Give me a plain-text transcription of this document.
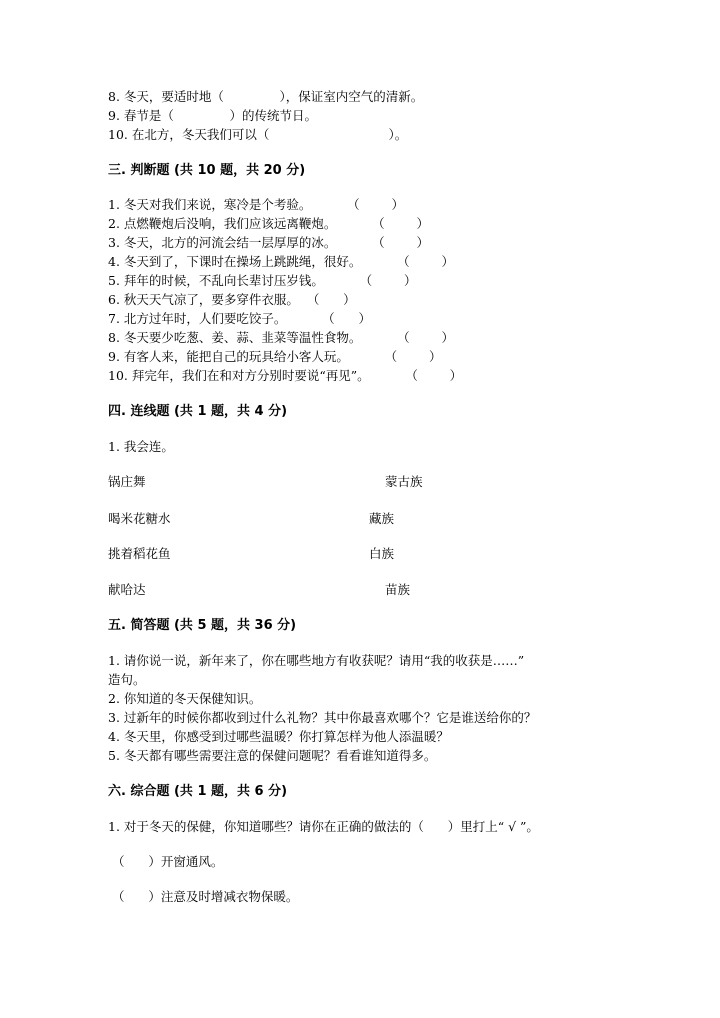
8. 冬天，要适时地（              ），保证室内空气的清新。
9. 春节是（              ）的传统节日。
10. 在北方，冬天我们可以（                              ）。
三. 判断题 (共 10 题，共 20 分)
1. 冬天对我们来说，寒冷是个考验。         （        ）
2. 点燃鞭炮后没响，我们应该远离鞭炮。         （        ）
3. 冬天，北方的河流会结一层厚厚的冰。         （        ）
4. 冬天到了，下课时在操场上跳跳绳，很好。         （        ）
5. 拜年的时候，不乱向长辈讨压岁钱。         （        ）
6. 秋天天气凉了，要多穿件衣服。  （      ）
7. 北方过年时，人们要吃饺子。         （      ）
8. 冬天要少吃葱、姜、蒜、韭菜等温性食物。         （        ）
9. 有客人来，能把自己的玩具给小客人玩。         （        ）
10. 拜完年，我们在和对方分别时要说“再见”。         （        ）
四. 连线题 (共 1 题，共 4 分)
1. 我会连。
锅庄舞	蒙古族
喝米花糖水	藏族
挑着稻花鱼	白族
献哈达	苗族
五. 简答题 (共 5 题，共 36 分)
1. 请你说一说，新年来了，你在哪些地方有收获呢？请用“我的收获是……”
造句。
2. 你知道的冬天保健知识。
3. 过新年的时候你都收到过什么礼物？其中你最喜欢哪个？它是谁送给你的？
4. 冬天里，你感受到过哪些温暖？你打算怎样为他人添温暖？
5. 冬天都有哪些需要注意的保健问题呢？看看谁知道得多。
六. 综合题 (共 1 题，共 6 分)
1. 对于冬天的保健，你知道哪些？请你在正确的做法的（      ）里打上“ √ ”。
（      ）开窗通风。
（      ）注意及时增减衣物保暖。
